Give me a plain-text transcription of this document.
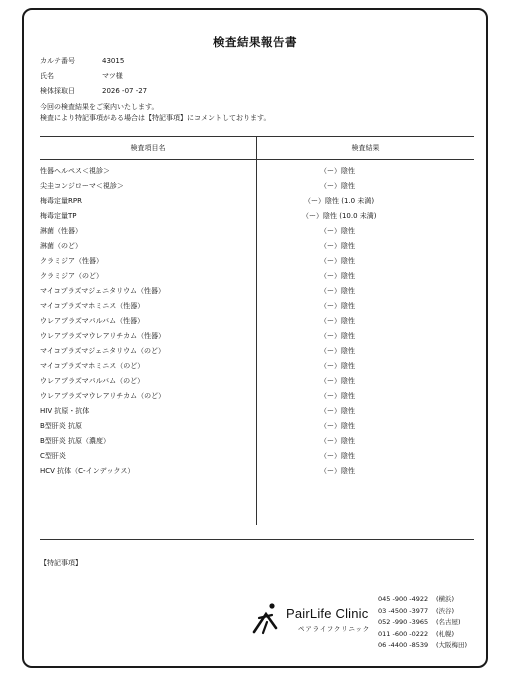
検査結果報告書
カルテ番号	43015
氏名	マツ様
検体採取日	2026 -07 -27
今回の検査結果をご案内いたします。
検査により特記事項がある場合は【特記事項】にコメントしております。
検査項目名	検査結果
性器ヘルペス＜視診＞	（ー）陰性
尖圭コンジローマ＜視診＞	（ー）陰性
梅毒定量RPR	（ー）陰性 (1.0 未満)
梅毒定量TP	（ー）陰性 (10.0 未満)
淋菌（性器）	（ー）陰性
淋菌（のど）	（ー）陰性
クラミジア（性器）	（ー）陰性
クラミジア（のど）	（ー）陰性
マイコプラズマジェニタリウム（性器）	（ー）陰性
マイコプラズマホミニス（性器）	（ー）陰性
ウレアプラズマパルバム（性器）	（ー）陰性
ウレアプラズマウレアリチカム（性器）	（ー）陰性
マイコプラズマジェニタリウム（のど）	（ー）陰性
マイコプラズマホミニス（のど）	（ー）陰性
ウレアプラズマパルバム（のど）	（ー）陰性
ウレアプラズマウレアリチカム（のど）	（ー）陰性
HIV 抗原・抗体	（ー）陰性
B型肝炎 抗原	（ー）陰性
B型肝炎 抗原（濃度）	（ー）陰性
C型肝炎	（ー）陰性
HCV 抗体（C-インデックス）	（ー）陰性
【特記事項】
PairLife Clinic
ペアライフクリニック
045 -900 -4922 (横浜)
03 -4500 -3977 (渋谷)
052 -990 -3965 (名古屋)
011 -600 -0222 (札幌)
06 -4400 -8539 (大阪梅田)
